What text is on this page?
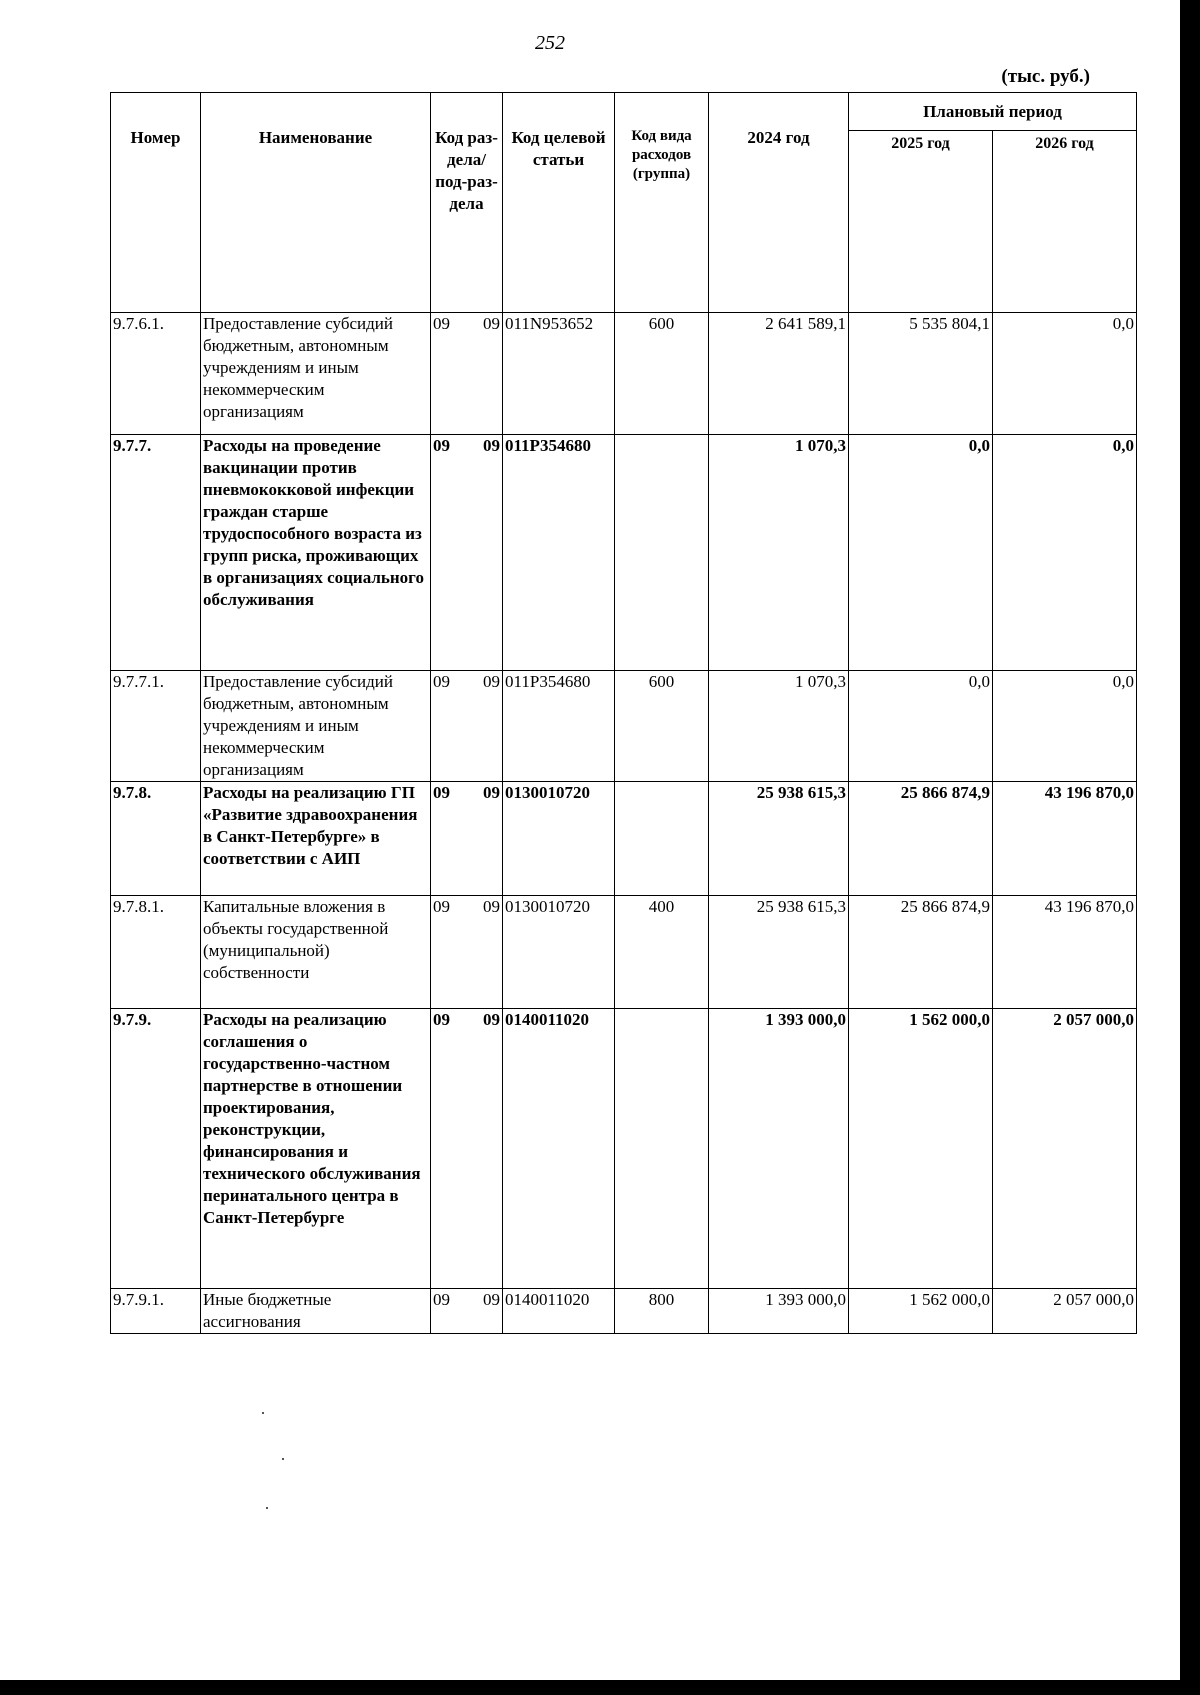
252
(тыс. руб.)
Номер	Наименование	Код раз-дела/ под-раз-дела	Код целевой статьи	Код вида расходов (группа)	2024 год	Плановый период	
						2025 год	2026 год
9.7.6.1.	Предоставление субсидий бюджетным, автономным учреждениям и иным некоммерческим организациям	09 09	011N953652	600	2 641 589,1	5 535 804,1	0,0
9.7.7.	Расходы на проведение вакцинации против пневмококковой инфекции граждан старше трудоспособного возраста из групп риска, проживающих в организациях социального обслуживания	09 09	011P354680		1 070,3	0,0	0,0
9.7.7.1.	Предоставление субсидий бюджетным, автономным учреждениям и иным некоммерческим организациям	09 09	011P354680	600	1 070,3	0,0	0,0
9.7.8.	Расходы на реализацию ГП «Развитие здравоохранения в Санкт-Петербурге» в соответствии с АИП	09 09	0130010720		25 938 615,3	25 866 874,9	43 196 870,0
9.7.8.1.	Капитальные вложения в объекты государственной (муниципальной) собственности	09 09	0130010720	400	25 938 615,3	25 866 874,9	43 196 870,0
9.7.9.	Расходы на реализацию соглашения о государственно-частном партнерстве в отношении проектирования, реконструкции, финансирования и технического обслуживания перинатального центра в Санкт-Петербурге	09 09	0140011020		1 393 000,0	1 562 000,0	2 057 000,0
9.7.9.1.	Иные бюджетные ассигнования	09 09	0140011020	800	1 393 000,0	1 562 000,0	2 057 000,0
